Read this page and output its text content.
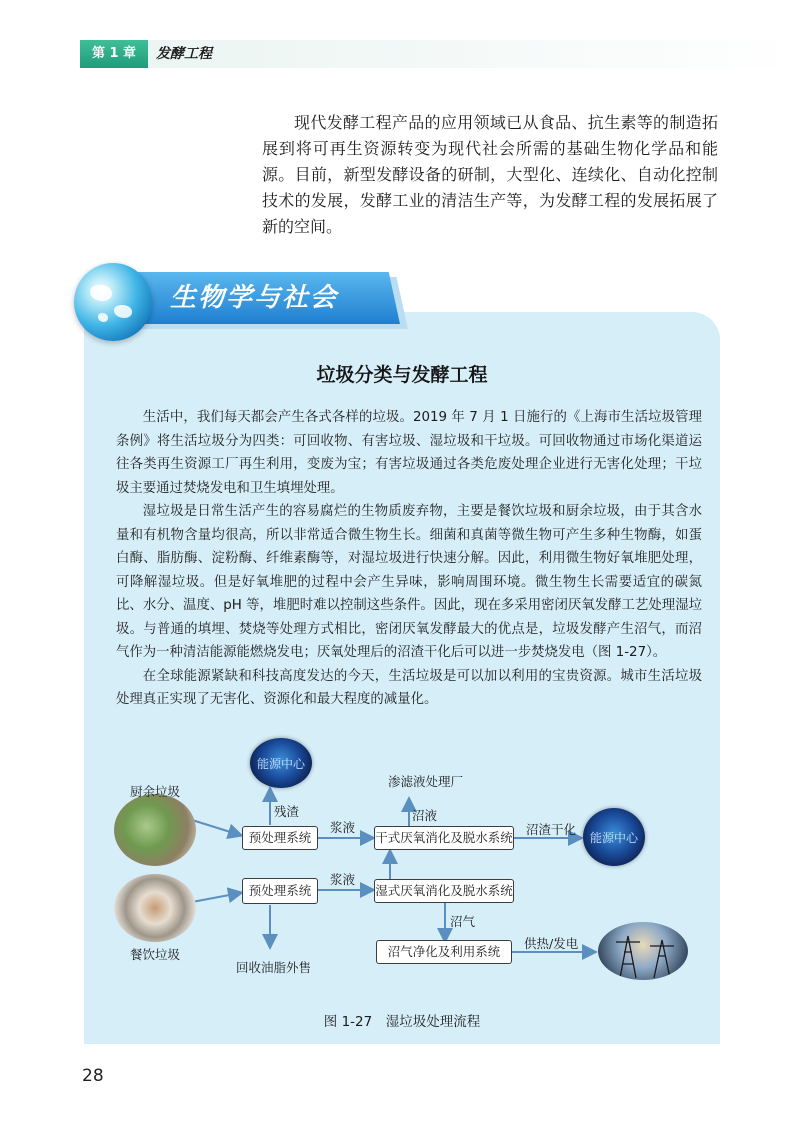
第 1 章	发酵工程

现代发酵工程产品的应用领域已从食品、抗生素等的制造拓展到将可再生资源转变为现代社会所需的基础生物化学品和能源。目前，新型发酵设备的研制，大型化、连续化、自动化控制技术的发展，发酵工业的清洁生产等，为发酵工程的发展拓展了新的空间。

生物学与社会
垃圾分类与发酵工程

生活中，我们每天都会产生各式各样的垃圾。2019 年 7 月 1 日施行的《上海市生活垃圾管理条例》将生活垃圾分为四类：可回收物、有害垃圾、湿垃圾和干垃圾。可回收物通过市场化渠道运往各类再生资源工厂再生利用，变废为宝；有害垃圾通过各类危废处理企业进行无害化处理；干垃圾主要通过焚烧发电和卫生填埋处理。

湿垃圾是日常生活产生的容易腐烂的生物质废弃物，主要是餐饮垃圾和厨余垃圾，由于其含水量和有机物含量均很高，所以非常适合微生物生长。细菌和真菌等微生物可产生多种生物酶，如蛋白酶、脂肪酶、淀粉酶、纤维素酶等，对湿垃圾进行快速分解。因此，利用微生物好氧堆肥处理，可降解湿垃圾。但是好氧堆肥的过程中会产生异味，影响周围环境。微生物生长需要适宜的碳氮比、水分、温度、pH 等，堆肥时难以控制这些条件。因此，现在多采用密闭厌氧发酵工艺处理湿垃圾。与普通的填埋、焚烧等处理方式相比，密闭厌氧发酵最大的优点是，垃圾发酵产生沼气，而沼气作为一种清洁能源能燃烧发电；厌氧处理后的沼渣干化后可以进一步焚烧发电（图 1-27）。

在全球能源紧缺和科技高度发达的今天，生活垃圾是可以加以利用的宝贵资源。城市生活垃圾处理真正实现了无害化、资源化和最大程度的减量化。

厨余垃圾
餐饮垃圾
能源中心
能源中心
预处理系统
预处理系统
干式厌氧消化及脱水系统
湿式厌氧消化及脱水系统
沼气净化及利用系统
残渣
浆液
浆液
渗滤液处理厂
沼液
沼渣干化
沼气
供热/发电
回收油脂外售
图 1-27　湿垃圾处理流程
28
